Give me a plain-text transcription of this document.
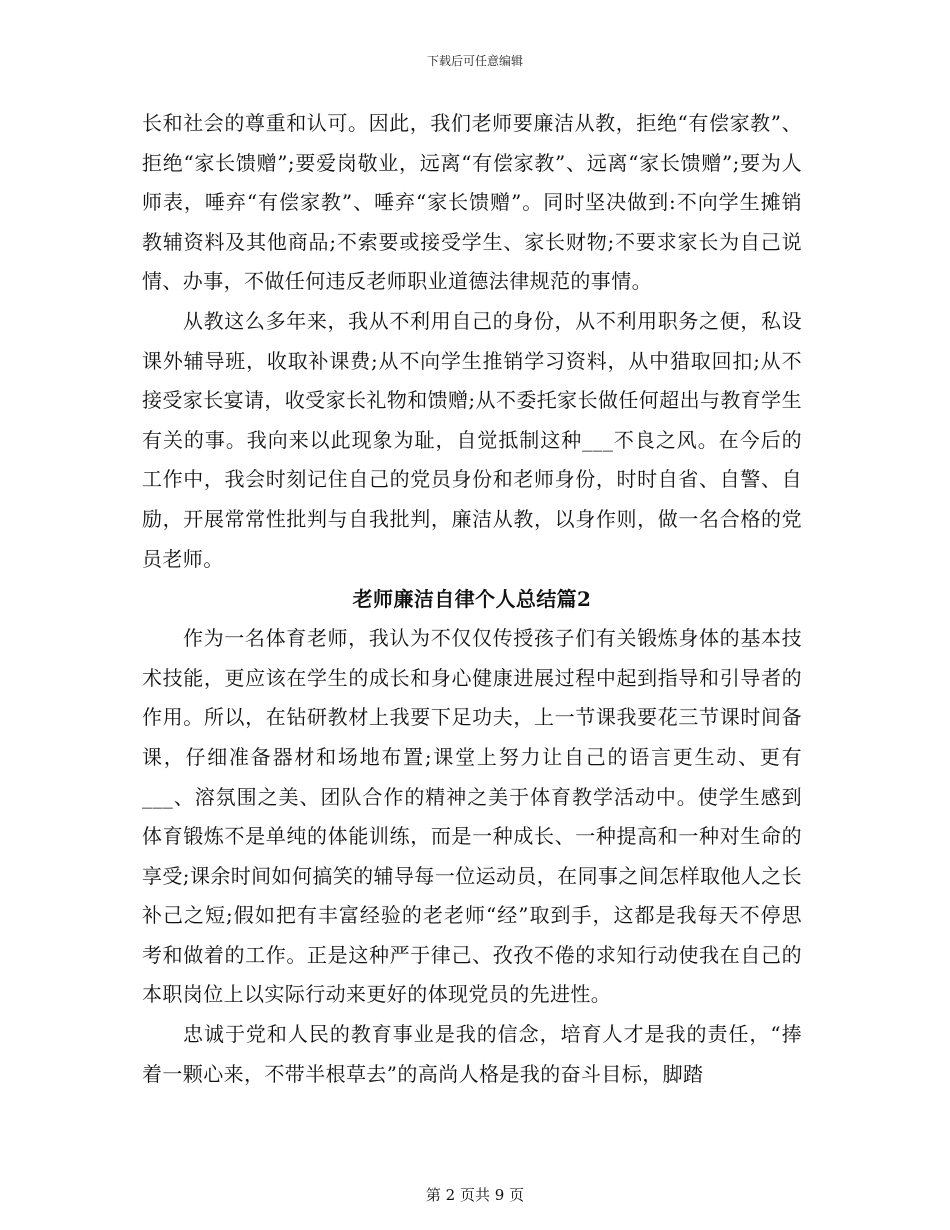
下载后可任意编辑

长和社会的尊重和认可。因此，我们老师要廉洁从教，拒绝“有偿家教”、拒绝“家长馈赠”;要爱岗敬业，远离“有偿家教”、远离“家长馈赠”;要为人师表，唾弃“有偿家教”、唾弃“家长馈赠”。同时坚决做到:不向学生摊销教辅资料及其他商品;不索要或接受学生、家长财物;不要求家长为自己说情、办事，不做任何违反老师职业道德法律规范的事情。

从教这么多年来，我从不利用自己的身份，从不利用职务之便，私设课外辅导班，收取补课费;从不向学生推销学习资料，从中猎取回扣;从不接受家长宴请，收受家长礼物和馈赠;从不委托家长做任何超出与教育学生有关的事。我向来以此现象为耻，自觉抵制这种___不良之风。在今后的工作中，我会时刻记住自己的党员身份和老师身份，时时自省、自警、自励，开展常常性批判与自我批判，廉洁从教，以身作则，做一名合格的党员老师。

老师廉洁自律个人总结篇2

作为一名体育老师，我认为不仅仅传授孩子们有关锻炼身体的基本技术技能，更应该在学生的成长和身心健康进展过程中起到指导和引导者的作用。所以，在钻研教材上我要下足功夫，上一节课我要花三节课时间备课，仔细准备器材和场地布置;课堂上努力让自己的语言更生动、更有___、溶氛围之美、团队合作的精神之美于体育教学活动中。使学生感到体育锻炼不是单纯的体能训练，而是一种成长、一种提高和一种对生命的享受;课余时间如何搞笑的辅导每一位运动员，在同事之间怎样取他人之长补己之短;假如把有丰富经验的老老师“经”取到手，这都是我每天不停思考和做着的工作。正是这种严于律己、孜孜不倦的求知行动使我在自己的本职岗位上以实际行动来更好的体现党员的先进性。

忠诚于党和人民的教育事业是我的信念，培育人才是我的责任，“捧着一颗心来，不带半根草去”的高尚人格是我的奋斗目标，脚踏

第 2 页共 9 页
